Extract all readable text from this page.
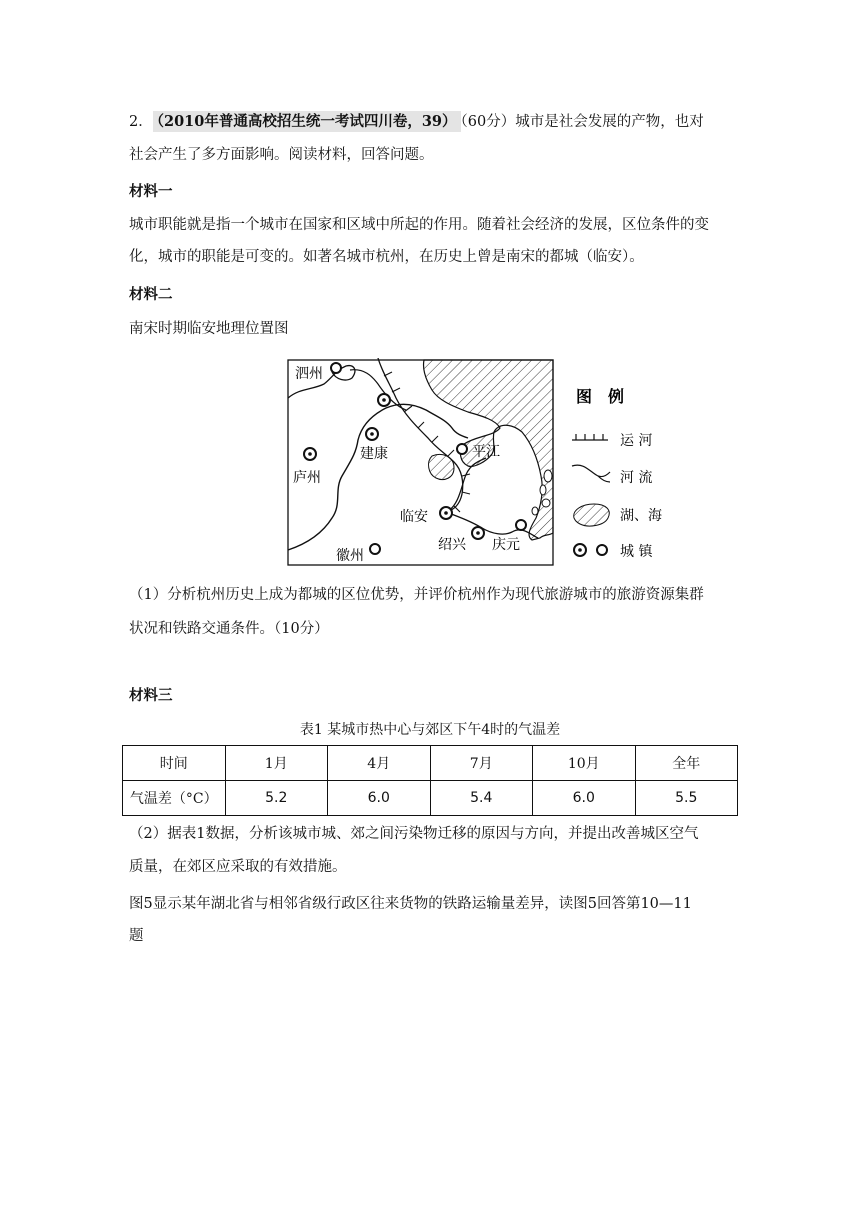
2． （2010年普通高校招生统一考试四川卷，39） （60分）城市是社会发展的产物，也对

社会产生了多方面影响。阅读材料，回答问题。

材料一

城市职能就是指一个城市在国家和区域中所起的作用。随着社会经济的发展，区位条件的变

化，城市的职能是可变的。如著名城市杭州，在历史上曾是南宋的都城（临安）。

材料二

南宋时期临安地理位置图

泗州
庐州
建康	平江
临安
绍兴 庆元
徽州
图　例
运 河
河 流
湖、海
城 镇

（1）分析杭州历史上成为都城的区位优势，并评价杭州作为现代旅游城市的旅游资源集群

状况和铁路交通条件。（10分）

材料三

表1 某城市热中心与郊区下午4时的气温差
时间	1月	4月	7月	10月	全年
气温差（°C）	5.2	6.0	5.4	6.0	5.5

（2）据表1数据，分析该城市城、郊之间污染物迁移的原因与方向，并提出改善城区空气

质量，在郊区应采取的有效措施。

图5显示某年湖北省与相邻省级行政区往来货物的铁路运输量差异，读图5回答第10—11

题
